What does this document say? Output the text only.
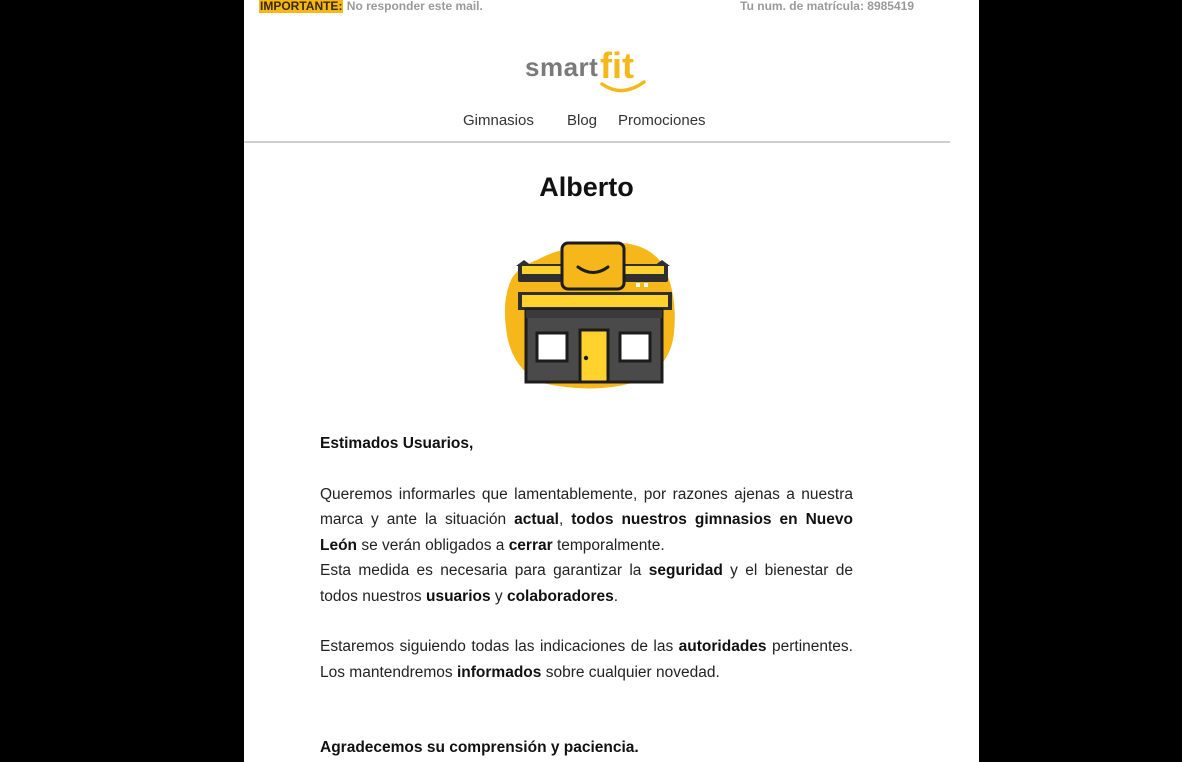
IMPORTANTE: No responder este mail.	Tu num. de matrícula: 8985419
smart fit
Gimnasios Blog Promociones
Alberto

Estimados Usuarios,

Queremos informarles que lamentablemente, por razones ajenas a nuestra marca y ante la situación actual, todos nuestros gimnasios en Nuevo León se verán obligados a cerrar temporalmente.

Esta medida es necesaria para garantizar la seguridad y el bienestar de todos nuestros usuarios y colaboradores.

Estaremos siguiendo todas las indicaciones de las autoridades pertinentes. Los mantendremos informados sobre cualquier novedad.

Agradecemos su comprensión y paciencia.
